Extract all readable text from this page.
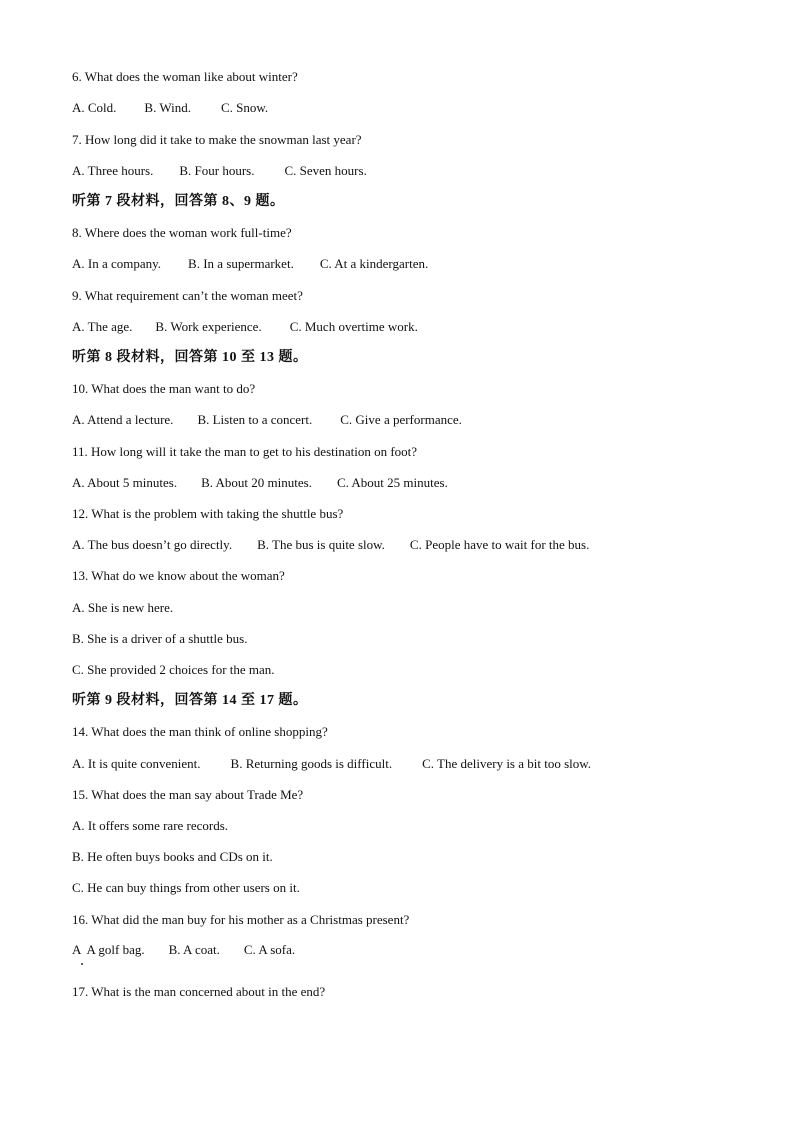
6. What does the woman like about winter?
A. Cold. B. Wind. C. Snow.
7. How long did it take to make the snowman last year?
A. Three hours. B. Four hours. C. Seven hours.
听第 7 段材料，回答第 8、9 题。
8. Where does the woman work full-time?
A. In a company. B. In a supermarket. C. At a kindergarten.
9. What requirement can’t the woman meet?
A. The age. B. Work experience. C. Much overtime work.
听第 8 段材料，回答第 10 至 13 题。
10. What does the man want to do?
A. Attend a lecture. B. Listen to a concert. C. Give a performance.
11. How long will it take the man to get to his destination on foot?
A. About 5 minutes. B. About 20 minutes. C. About 25 minutes.
12. What is the problem with taking the shuttle bus?
A. The bus doesn’t go directly. B. The bus is quite slow. C. People have to wait for the bus.
13. What do we know about the woman?
A. She is new here.
B. She is a driver of a shuttle bus.
C. She provided 2 choices for the man.
听第 9 段材料，回答第 14 至 17 题。
14. What does the man think of online shopping?
A. It is quite convenient. B. Returning goods is difficult. C. The delivery is a bit too slow.
15. What does the man say about Trade Me?
A. It offers some rare records.
B. He often buys books and CDs on it.
C. He can buy things from other users on it.
16. What did the man buy for his mother as a Christmas present?
A  A golf bag. B. A coat. C. A sofa.
17. What is the man concerned about in the end?
